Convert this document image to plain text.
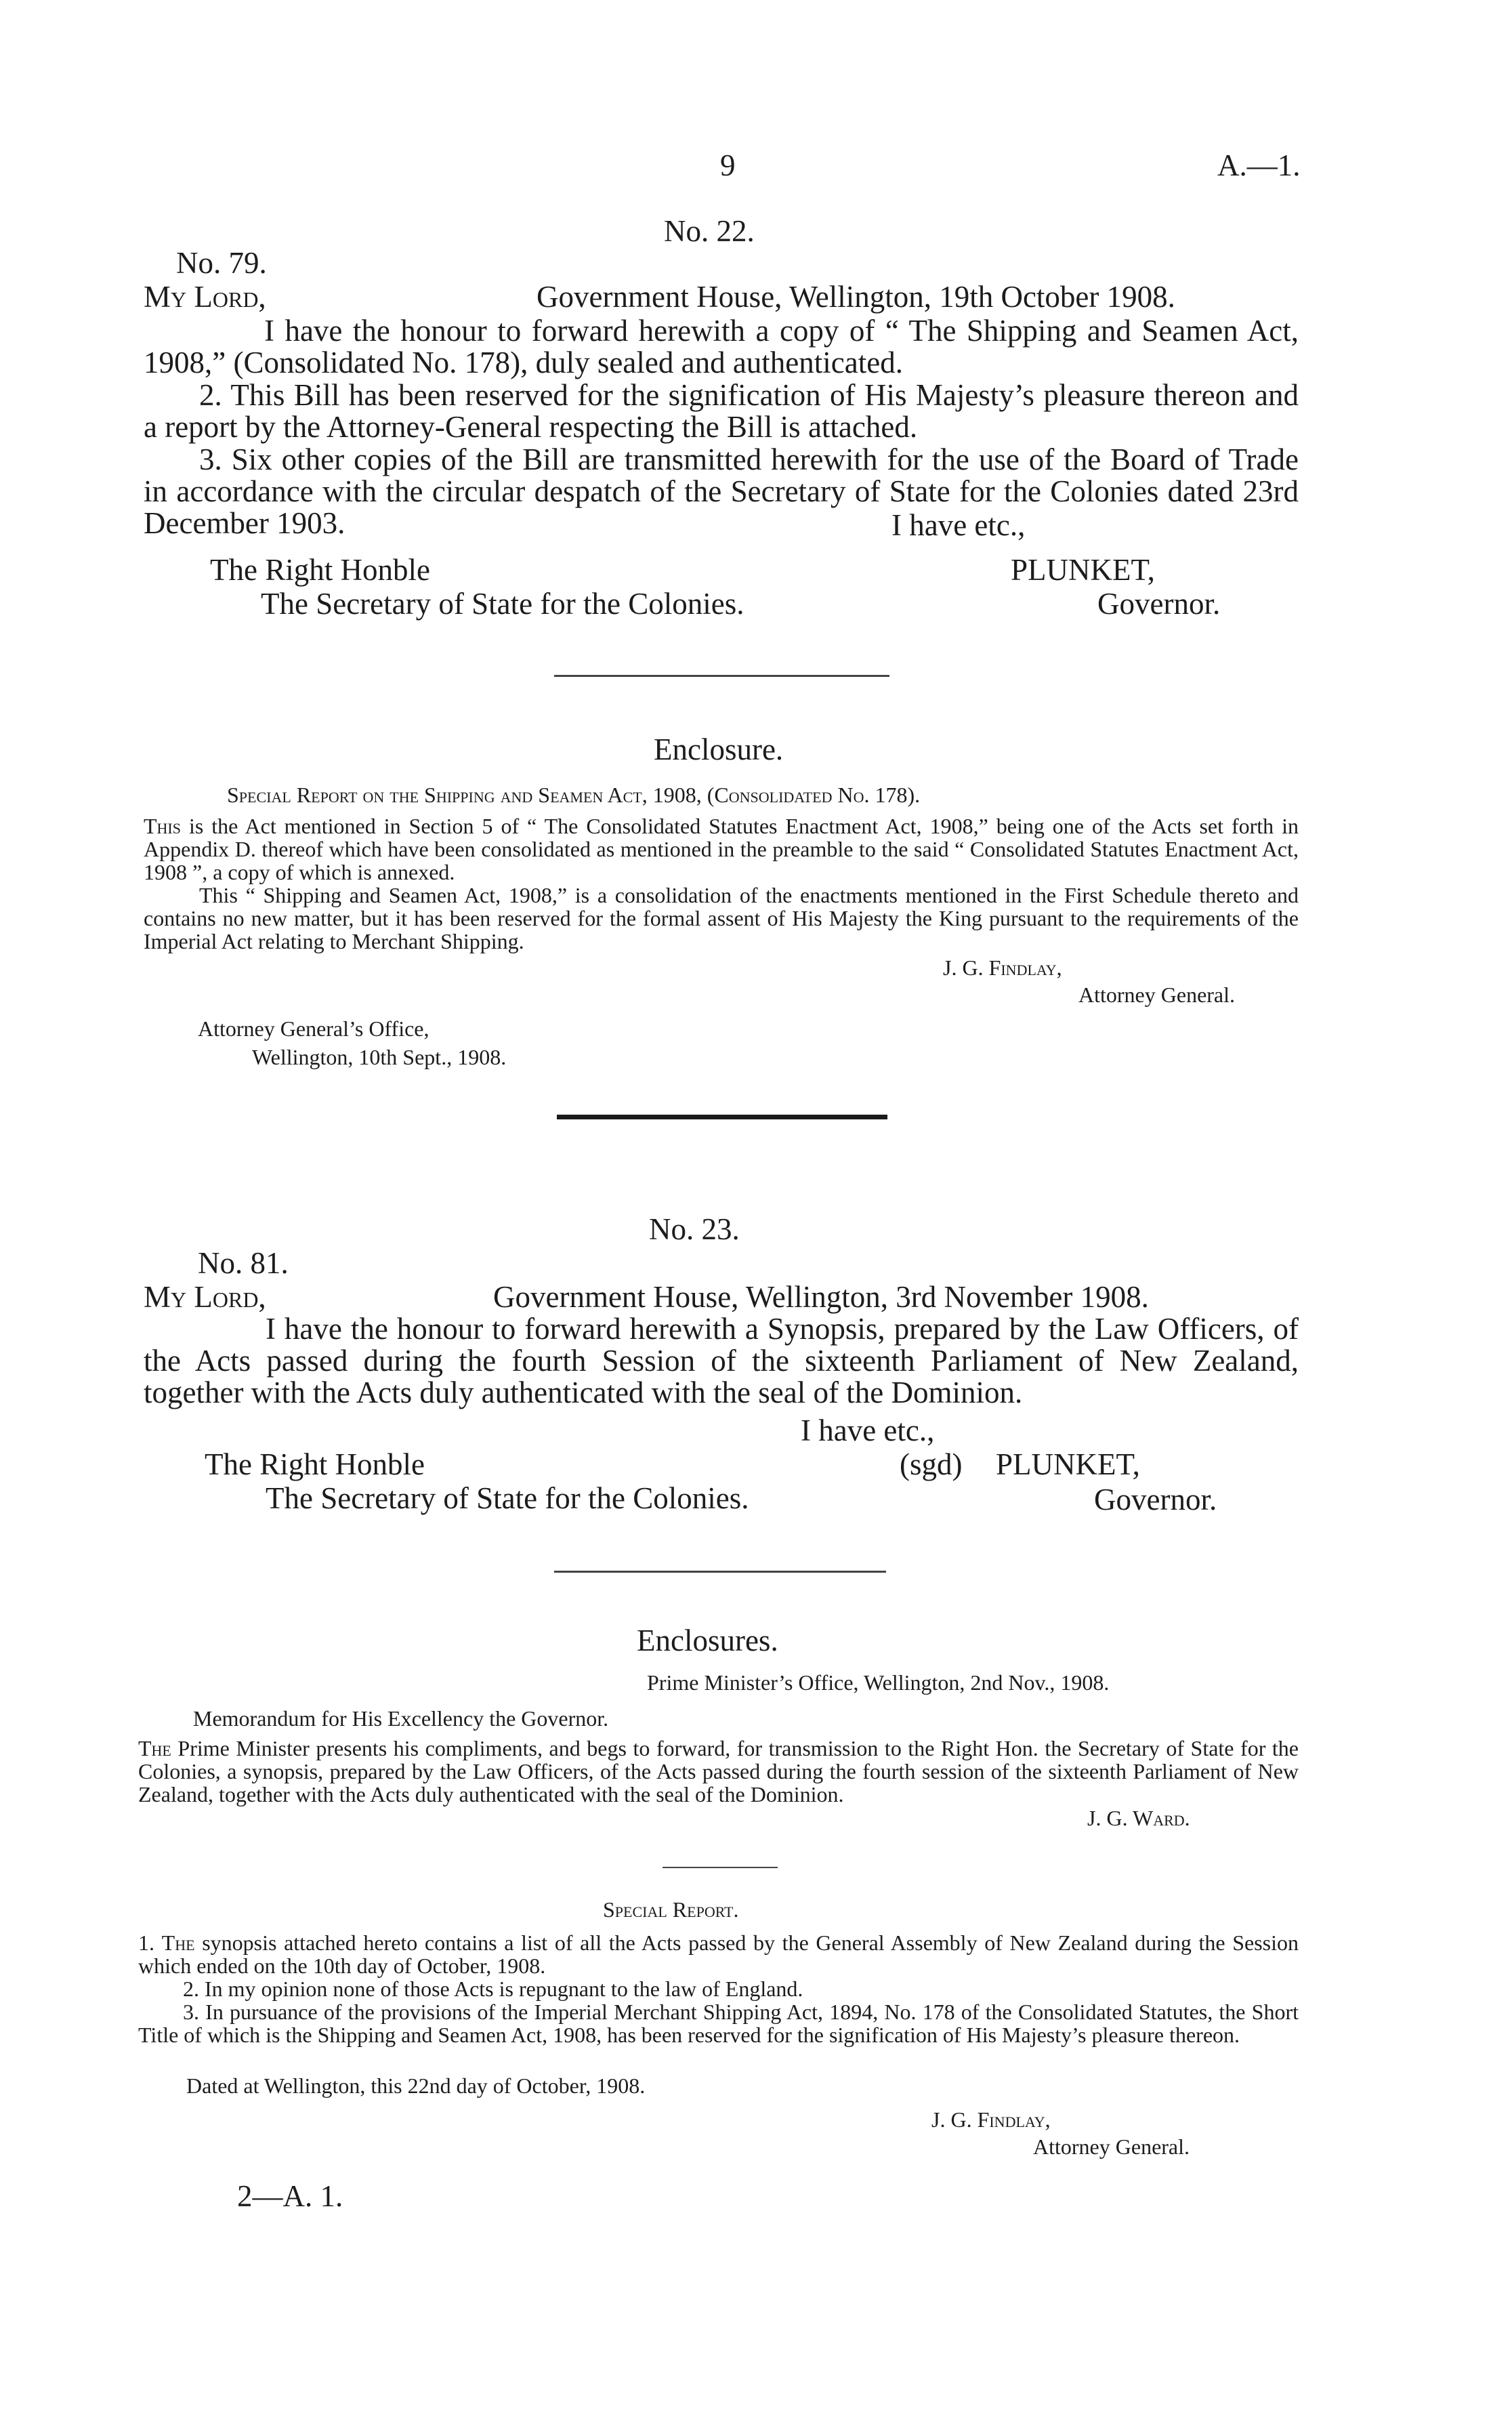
9	A.—1.
No. 22.
No. 79.
My Lord,	Government House, Wellington, 19th October 1908.
I have the honour to forward herewith a copy of “ The Shipping and Seamen Act, 1908,” (Consolidated No. 178), duly sealed and authenticated.
2. This Bill has been reserved for the signification of His Majesty’s pleasure thereon and a report by the Attorney-General respecting the Bill is attached.
3. Six other copies of the Bill are transmitted herewith for the use of the Board of Trade in accordance with the circular despatch of the Secretary of State for the Colonies dated 23rd December 1903.	I have etc.,
The Right Honble
The Secretary of State for the Colonies.
PLUNKET,
Governor.
Enclosure.
Special Report on the Shipping and Seamen Act, 1908, (Consolidated No. 178).
This is the Act mentioned in Section 5 of “ The Consolidated Statutes Enactment Act, 1908,” being one of the Acts set forth in Appendix D. thereof which have been consolidated as mentioned in the preamble to the said “ Consolidated Statutes Enactment Act, 1908 ”, a copy of which is annexed.
This “ Shipping and Seamen Act, 1908,” is a consolidation of the enactments mentioned in the First Schedule thereto and contains no new matter, but it has been reserved for the formal assent of His Majesty the King pursuant to the requirements of the Imperial Act relating to Merchant Shipping.
J. G. Findlay,
Attorney General.
Attorney General’s Office,
Wellington, 10th Sept., 1908.
No. 23.
No. 81.
My Lord,	Government House, Wellington, 3rd November 1908.
I have the honour to forward herewith a Synopsis, prepared by the Law Officers, of the Acts passed during the fourth Session of the sixteenth Parliament of New Zealand, together with the Acts duly authenticated with the seal of the Dominion.
I have etc.,
The Right Honble
The Secretary of State for the Colonies.
(sgd) PLUNKET,
Governor.
Enclosures.
Prime Minister’s Office, Wellington, 2nd Nov., 1908.
Memorandum for His Excellency the Governor.
The Prime Minister presents his compliments, and begs to forward, for transmission to the Right Hon. the Secretary of State for the Colonies, a synopsis, prepared by the Law Officers, of the Acts passed during the fourth session of the sixteenth Parliament of New Zealand, together with the Acts duly authenticated with the seal of the Dominion.
J. G. Ward.
Special Report.
1. The synopsis attached hereto contains a list of all the Acts passed by the General Assembly of New Zealand during the Session which ended on the 10th day of October, 1908.
2. In my opinion none of those Acts is repugnant to the law of England.
3. In pursuance of the provisions of the Imperial Merchant Shipping Act, 1894, No. 178 of the Consolidated Statutes, the Short Title of which is the Shipping and Seamen Act, 1908, has been reserved for the signification of His Majesty’s pleasure thereon.
Dated at Wellington, this 22nd day of October, 1908.
J. G. Findlay,
Attorney General.
2—A. 1.
